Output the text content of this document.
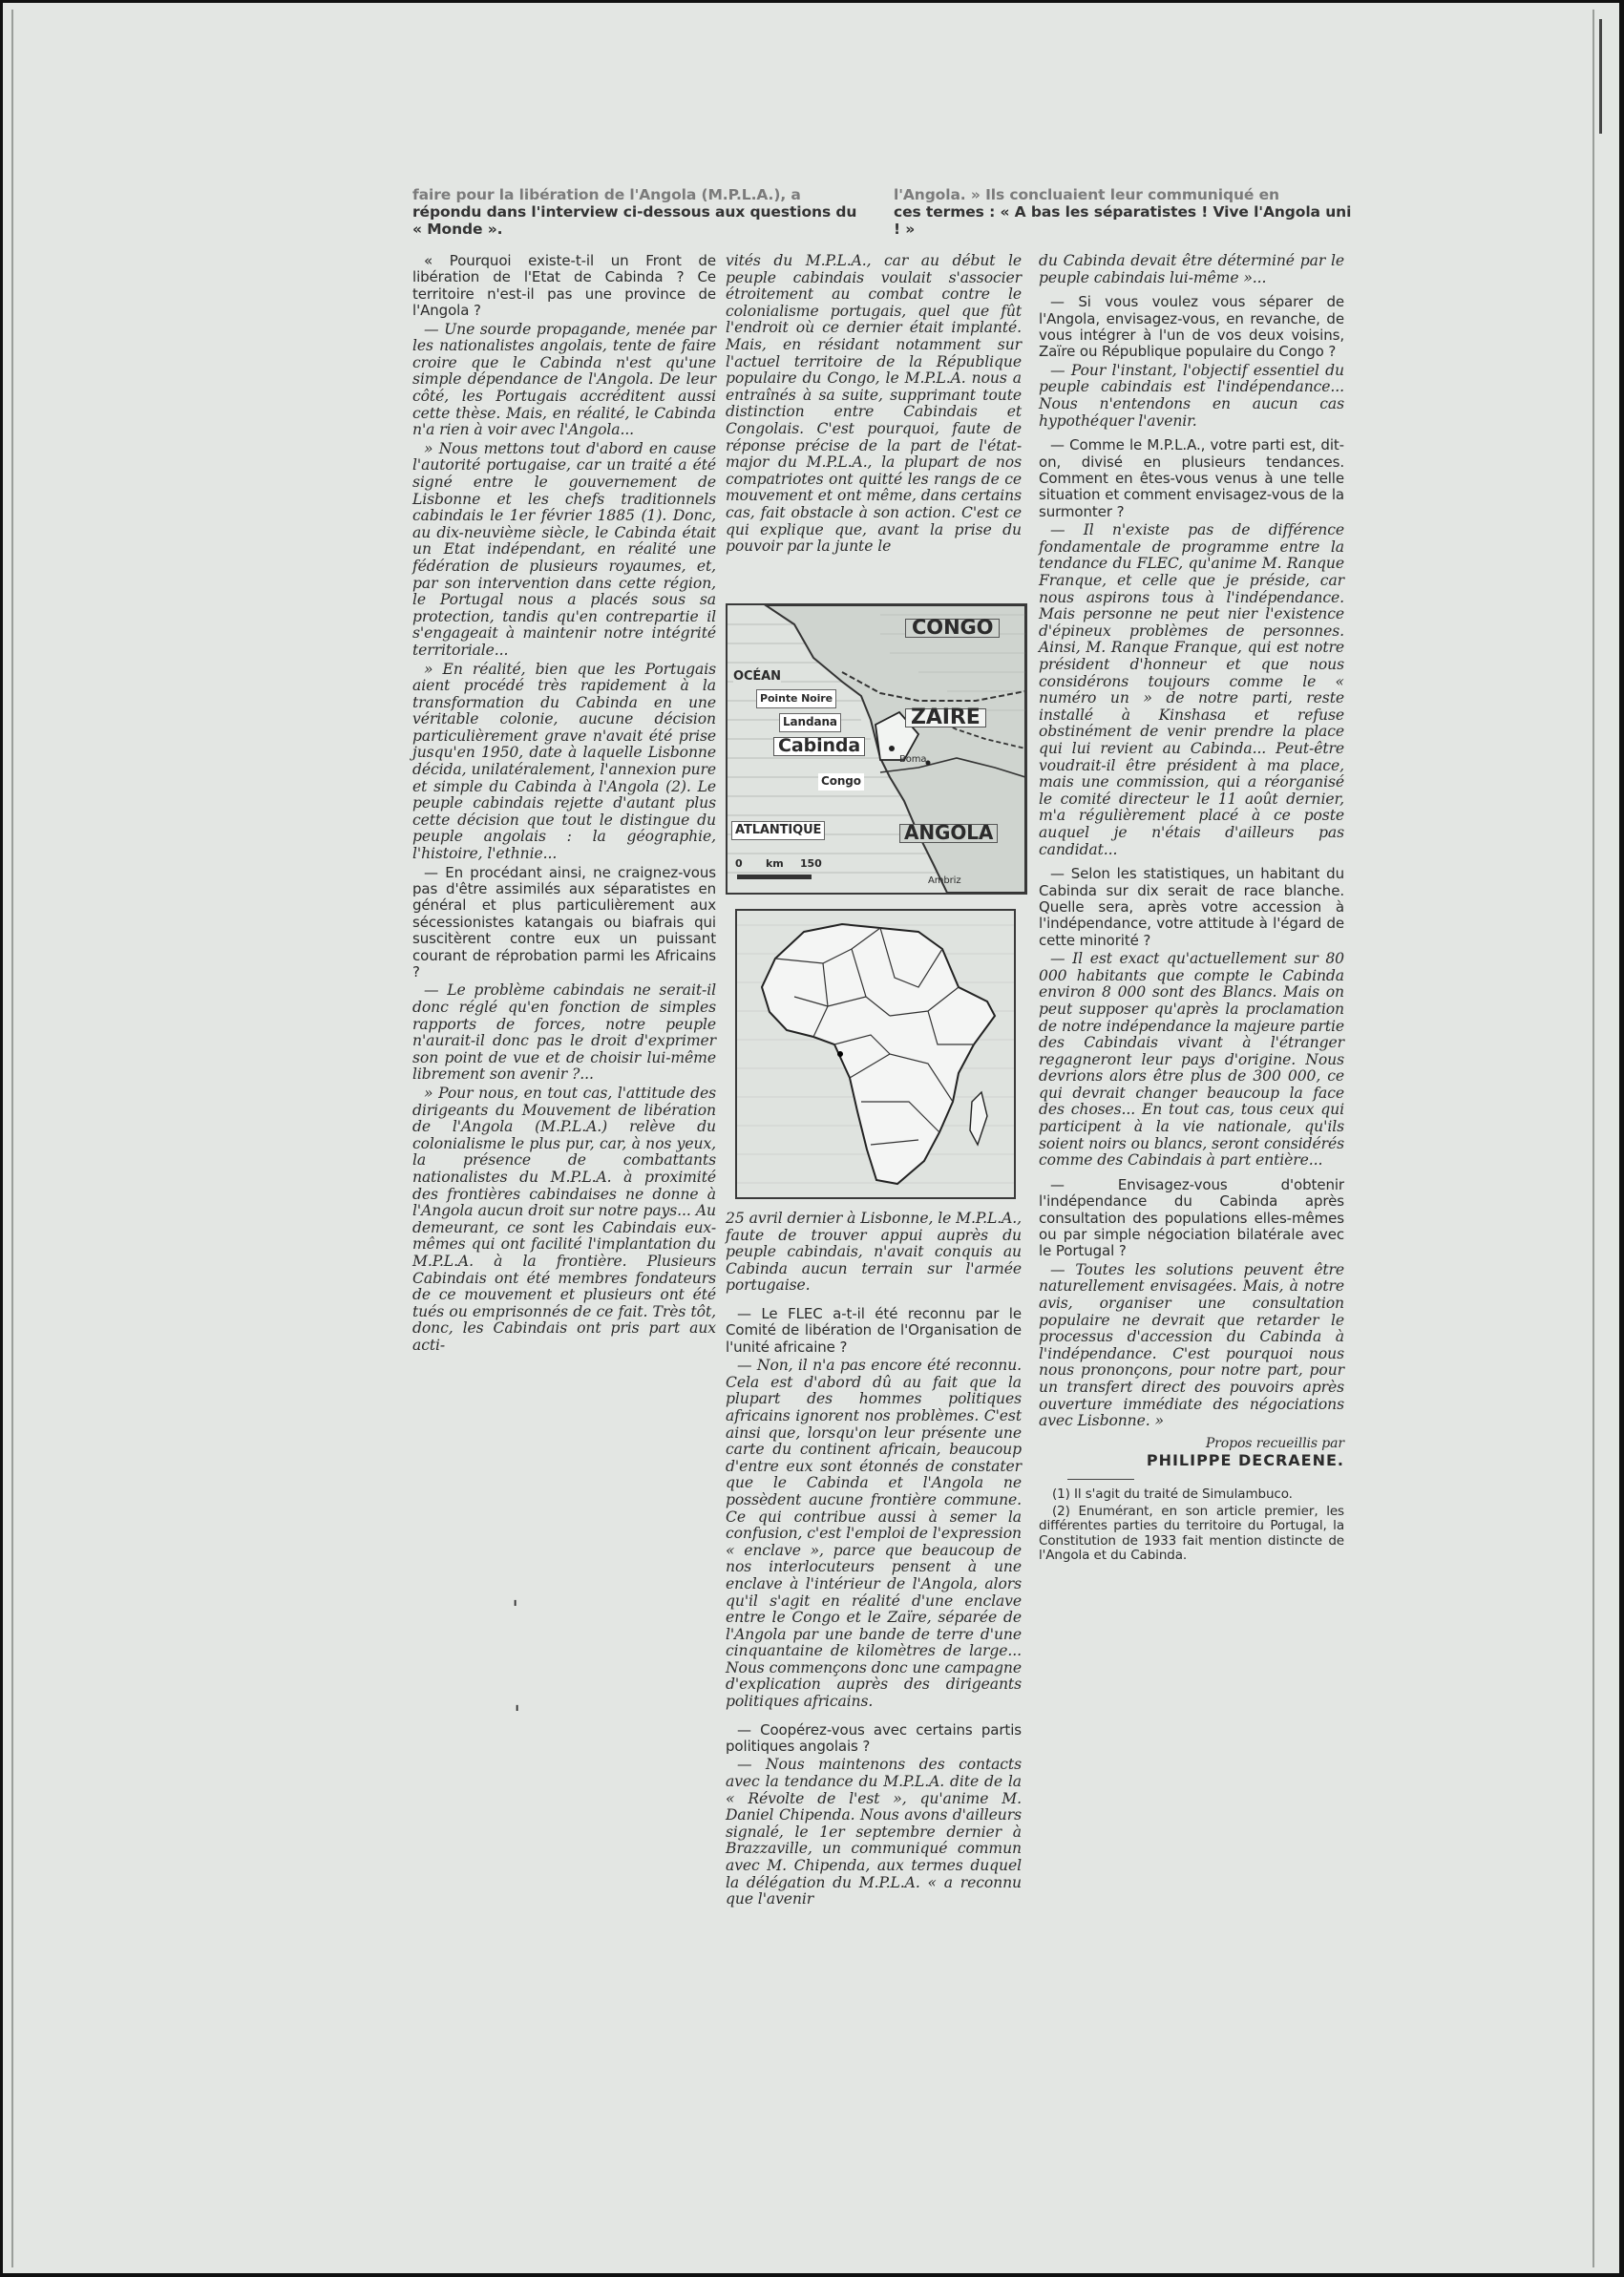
faire pour la libération de l'Angola (M.P.L.A.), a
répondu dans l'interview ci-dessous aux questions du « Monde ».
l'Angola. » Ils concluaient leur communiqué en
ces termes : « A bas les séparatistes ! Vive l'Angola uni ! »

« Pourquoi existe-t-il un Front de libération de l'Etat de Cabinda ? Ce territoire n'est-il pas une province de l'Angola ?

— Une sourde propagande, menée par les nationalistes angolais, tente de faire croire que le Cabinda n'est qu'une simple dépendance de l'Angola. De leur côté, les Portugais accréditent aussi cette thèse. Mais, en réalité, le Cabinda n'a rien à voir avec l'Angola...

» Nous mettons tout d'abord en cause l'autorité portugaise, car un traité a été signé entre le gouvernement de Lisbonne et les chefs traditionnels cabindais le 1er février 1885 (1). Donc, au dix-neuvième siècle, le Cabinda était un Etat indépendant, en réalité une fédération de plusieurs royaumes, et, par son intervention dans cette région, le Portugal nous a placés sous sa protection, tandis qu'en contrepartie il s'engageait à maintenir notre intégrité territoriale...

» En réalité, bien que les Portugais aient procédé très rapidement à la transformation du Cabinda en une véritable colonie, aucune décision particulièrement grave n'avait été prise jusqu'en 1950, date à laquelle Lisbonne décida, unilatéralement, l'annexion pure et simple du Cabinda à l'Angola (2). Le peuple cabindais rejette d'autant plus cette décision que tout le distingue du peuple angolais : la géographie, l'histoire, l'ethnie...

— En procédant ainsi, ne craignez-vous pas d'être assimilés aux séparatistes en général et plus particulièrement aux sécessionistes katangais ou biafrais qui suscitèrent contre eux un puissant courant de réprobation parmi les Africains ?

— Le problème cabindais ne serait-il donc réglé qu'en fonction de simples rapports de forces, notre peuple n'aurait-il donc pas le droit d'exprimer son point de vue et de choisir lui-même librement son avenir ?...

» Pour nous, en tout cas, l'attitude des dirigeants du Mouvement de libération de l'Angola (M.P.L.A.) relève du colonialisme le plus pur, car, à nos yeux, la présence de combattants nationalistes du M.P.L.A. à proximité des frontières cabindaises ne donne à l'Angola aucun droit sur notre pays... Au demeurant, ce sont les Cabindais eux-mêmes qui ont facilité l'implantation du M.P.L.A. à la frontière. Plusieurs Cabindais ont été membres fondateurs de ce mouvement et plusieurs ont été tués ou emprisonnés de ce fait. Très tôt, donc, les Cabindais ont pris part aux acti-

vités du M.P.L.A., car au début le peuple cabindais voulait s'associer étroitement au combat contre le colonialisme portugais, quel que fût l'endroit où ce dernier était implanté. Mais, en résidant notamment sur l'actuel territoire de la République populaire du Congo, le M.P.L.A. nous a entraînés à sa suite, supprimant toute distinction entre Cabindais et Congolais. C'est pourquoi, faute de réponse précise de la part de l'état-major du M.P.L.A., la plupart de nos compatriotes ont quitté les rangs de ce mouvement et ont même, dans certains cas, fait obstacle à son action. C'est ce qui explique que, avant la prise du pouvoir par la junte le

CONGO
OCÉAN
Pointe Noire
Landana	ZAIRE
Cabinda
Boma
Congo
ATLANTIQUE	ANGOLA
0 km 150
Ambriz

25 avril dernier à Lisbonne, le M.P.L.A., faute de trouver appui auprès du peuple cabindais, n'avait conquis au Cabinda aucun terrain sur l'armée portugaise.

— Le FLEC a-t-il été reconnu par le Comité de libération de l'Organisation de l'unité africaine ?

— Non, il n'a pas encore été reconnu. Cela est d'abord dû au fait que la plupart des hommes politiques africains ignorent nos problèmes. C'est ainsi que, lorsqu'on leur présente une carte du continent africain, beaucoup d'entre eux sont étonnés de constater que le Cabinda et l'Angola ne possèdent aucune frontière commune. Ce qui contribue aussi à semer la confusion, c'est l'emploi de l'expression « enclave », parce que beaucoup de nos interlocuteurs pensent à une enclave à l'intérieur de l'Angola, alors qu'il s'agit en réalité d'une enclave entre le Congo et le Zaïre, séparée de l'Angola par une bande de terre d'une cinquantaine de kilomètres de large... Nous commençons donc une campagne d'explication auprès des dirigeants politiques africains.

— Coopérez-vous avec certains partis politiques angolais ?

— Nous maintenons des contacts avec la tendance du M.P.L.A. dite de la « Révolte de l'est », qu'anime M. Daniel Chipenda. Nous avons d'ailleurs signalé, le 1er septembre dernier à Brazzaville, un communiqué commun avec M. Chipenda, aux termes duquel la délégation du M.P.L.A. « a reconnu que l'avenir

du Cabinda devait être déterminé par le peuple cabindais lui-même »...

— Si vous voulez vous séparer de l'Angola, envisagez-vous, en revanche, de vous intégrer à l'un de vos deux voisins, Zaïre ou République populaire du Congo ?

— Pour l'instant, l'objectif essentiel du peuple cabindais est l'indépendance... Nous n'entendons en aucun cas hypothéquer l'avenir.

— Comme le M.P.L.A., votre parti est, dit-on, divisé en plusieurs tendances. Comment en êtes-vous venus à une telle situation et comment envisagez-vous de la surmonter ?

— Il n'existe pas de différence fondamentale de programme entre la tendance du FLEC, qu'anime M. Ranque Franque, et celle que je préside, car nous aspirons tous à l'indépendance. Mais personne ne peut nier l'existence d'épineux problèmes de personnes. Ainsi, M. Ranque Franque, qui est notre président d'honneur et que nous considérons toujours comme le « numéro un » de notre parti, reste installé à Kinshasa et refuse obstinément de venir prendre la place qui lui revient au Cabinda... Peut-être voudrait-il être président à ma place, mais une commission, qui a réorganisé le comité directeur le 11 août dernier, m'a régulièrement placé à ce poste auquel je n'étais d'ailleurs pas candidat...

— Selon les statistiques, un habitant du Cabinda sur dix serait de race blanche. Quelle sera, après votre accession à l'indépendance, votre attitude à l'égard de cette minorité ?

— Il est exact qu'actuellement sur 80 000 habitants que compte le Cabinda environ 8 000 sont des Blancs. Mais on peut supposer qu'après la proclamation de notre indépendance la majeure partie des Cabindais vivant à l'étranger regagneront leur pays d'origine. Nous devrions alors être plus de 300 000, ce qui devrait changer beaucoup la face des choses... En tout cas, tous ceux qui participent à la vie nationale, qu'ils soient noirs ou blancs, seront considérés comme des Cabindais à part entière...

— Envisagez-vous d'obtenir l'indépendance du Cabinda après consultation des populations elles-mêmes ou par simple négociation bilatérale avec le Portugal ?

— Toutes les solutions peuvent être naturellement envisagées. Mais, à notre avis, organiser une consultation populaire ne devrait que retarder le processus d'accession du Cabinda à l'indépendance. C'est pourquoi nous nous prononçons, pour notre part, pour un transfert direct des pouvoirs après ouverture immédiate des négociations avec Lisbonne. »

Propos recueillis par
PHILIPPE DECRAENE.

(1) Il s'agit du traité de Simulambuco.

(2) Enumérant, en son article premier, les différentes parties du territoire du Portugal, la Constitution de 1933 fait mention distincte de l'Angola et du Cabinda.

ˈ
ˈ
